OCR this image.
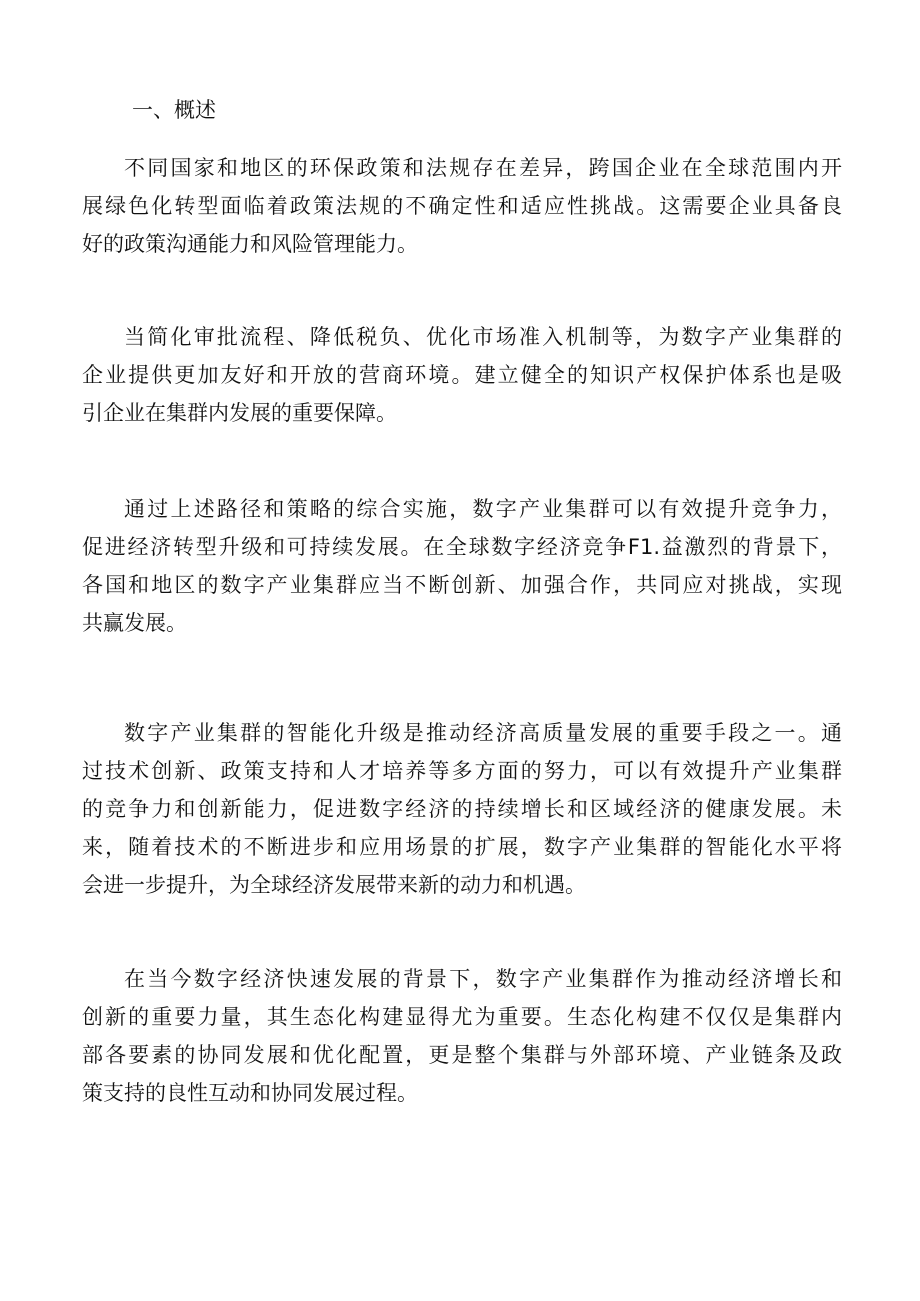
一、概述

不同国家和地区的环保政策和法规存在差异，跨国企业在全球范围内开
展绿色化转型面临着政策法规的不确定性和适应性挑战。这需要企业具备良
好的政策沟通能力和风险管理能力。

当简化审批流程、降低税负、优化市场准入机制等，为数字产业集群的
企业提供更加友好和开放的营商环境。建立健全的知识产权保护体系也是吸
引企业在集群内发展的重要保障。

通过上述路径和策略的综合实施，数字产业集群可以有效提升竞争力，
促进经济转型升级和可持续发展。在全球数字经济竞争F1.益激烈的背景下，
各国和地区的数字产业集群应当不断创新、加强合作，共同应对挑战，实现
共赢发展。

数字产业集群的智能化升级是推动经济高质量发展的重要手段之一。通
过技术创新、政策支持和人才培养等多方面的努力，可以有效提升产业集群
的竞争力和创新能力，促进数字经济的持续增长和区域经济的健康发展。未
来，随着技术的不断进步和应用场景的扩展，数字产业集群的智能化水平将
会进一步提升，为全球经济发展带来新的动力和机遇。

在当今数字经济快速发展的背景下，数字产业集群作为推动经济增长和
创新的重要力量，其生态化构建显得尤为重要。生态化构建不仅仅是集群内
部各要素的协同发展和优化配置，更是整个集群与外部环境、产业链条及政
策支持的良性互动和协同发展过程。
